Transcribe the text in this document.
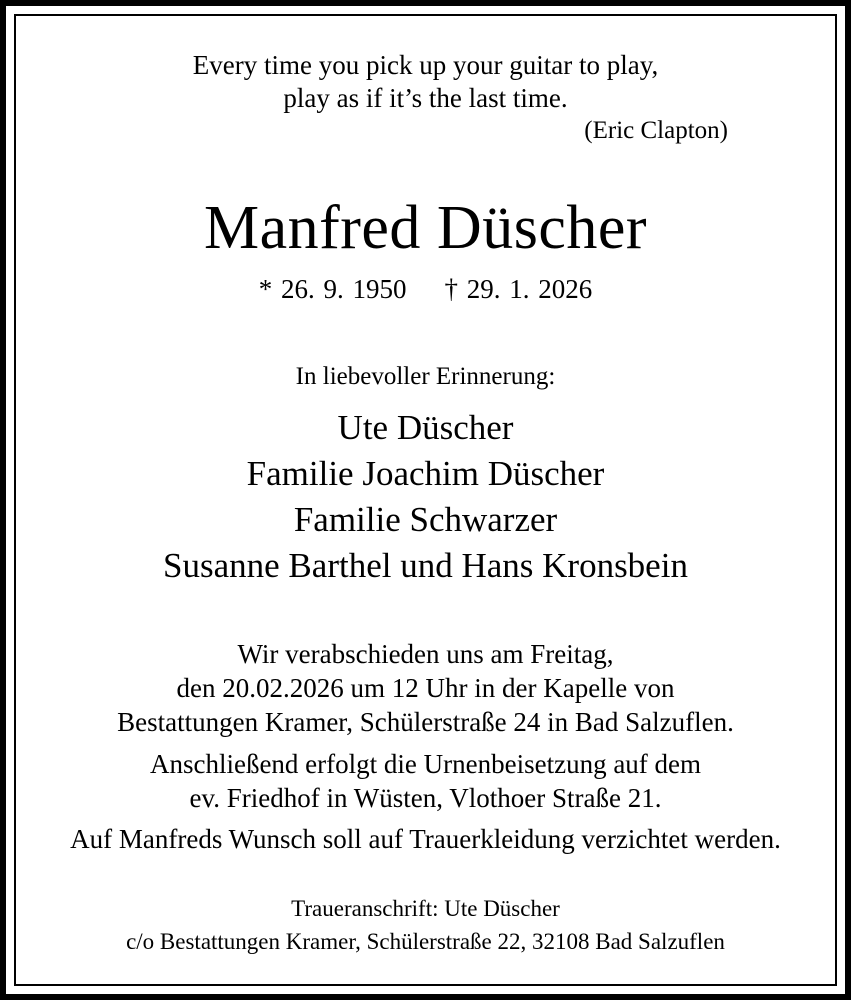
Every time you pick up your guitar to play,
play as if it’s the last time.
(Eric Clapton)
Manfred Düscher
* 26. 9. 1950 † 29. 1. 2026
In liebevoller Erinnerung:
Ute Düscher
Familie Joachim Düscher
Familie Schwarzer
Susanne Barthel und Hans Kronsbein
Wir verabschieden uns am Freitag,
den 20.02.2026 um 12 Uhr in der Kapelle von
Bestattungen Kramer, Schülerstraße 24 in Bad Salzuflen.
Anschließend erfolgt die Urnenbeisetzung auf dem
ev. Friedhof in Wüsten, Vlothoer Straße 21.
Auf Manfreds Wunsch soll auf Trauerkleidung verzichtet werden.
Traueranschrift: Ute Düscher
c/o Bestattungen Kramer, Schülerstraße 22, 32108 Bad Salzuflen
